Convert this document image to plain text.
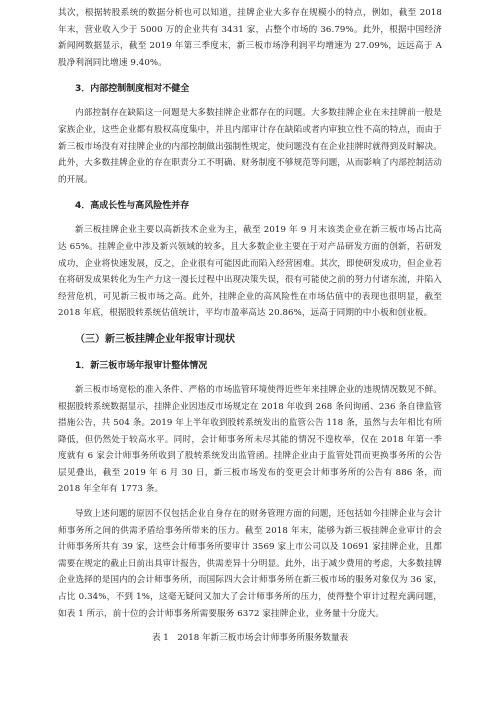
其次，根据转股系统的数据分析也可以知道，挂牌企业大多存在规模小的特点，例如，截至 2018 年末，营业收入少于 5000 万的企业共有 3431 家，占整个市场的 36.79%。此外，根据中国经济新闻网数据显示，截至 2019 年第三季度末，新三板市场净利润平均增速为 27.09%，远远高于 A 股净利润同比增速 9.40%。

3．内部控制制度相对不健全

内部控制存在缺陷这一问题是大多数挂牌企业都存在的问题。大多数挂牌企业在未挂牌前一般是家族企业，这些企业都有股权高度集中，并且内部审计存在缺陷或者内审独立性不高的特点，而由于新三板市场没有对挂牌企业的内部控制做出强制性规定，使问题没有在企业挂牌时就得到及时解决。此外，大多数挂牌企业的存在职责分工不明确、财务制度不够规范等问题，从而影响了内部控制活动的开展。

4．高成长性与高风险性并存

新三板挂牌企业主要以高新技术企业为主，截至 2019 年 9 月末该类企业在新三板市场占比高达 65%。挂牌企业中涉及新兴领域的较多，且大多数企业主要在于对产品研发方面的创新，若研发成功，企业将快速发展，反之，企业很有可能因此而陷入经营困难。其次，即使研发成功，但企业若在将研发成果转化为生产力这一漫长过程中出现决策失误，很有可能使之前的努力付诸东流，并陷入经营危机，可见新三板市场之高。此外，挂牌企业的高风险性在市场估值中的表现也很明显，截至 2018 年底，根据股转系统估值统计，平均市盈率高达 20.86%，远高于同期的中小板和创业板。

（三）新三板挂牌企业年报审计现状
1．新三板市场年报审计整体情况

新三板市场宽松的准入条件、严格的市场监管环境使得近些年来挂牌企业的违规情况数见不鲜。根据股转系统数据显示，挂牌企业因违反市场规定在 2018 年收到 268 条问询函、236 条自律监管措施公告，共 504 条。2019 年上半年收到股转系统发出的监管公告 118 条，虽然与去年相比有所降低，但仍然处于较高水平。同时，会计师事务所未尽其能的情况不遑枚举，仅在 2018 年第一季度就有 6 家会计师事务所收到了股转系统发出监管函。挂牌企业由于监管处罚而更换事务所的公告层见叠出，截至 2019 年 6 月 30 日，新三板市场发布的变更会计师事务所的公告有 886 条，而 2018 年全年有 1773 条。

导致上述问题的原因不仅包括企业自身存在的财务管理方面的问题，还包括如今挂牌企业与会计师事务所之间的供需矛盾给事务所带来的压力。截至 2018 年末，能够为新三板挂牌企业审计的会计师事务所共有 39 家，这些会计师事务所要审计 3569 家上市公司以及 10691 家挂牌企业，且都需要在规定的截止日前出具审计报告，供需差异十分明显。此外，出于减少费用的考虑，大多数挂牌企业选择的是国内的会计师事务所，而国际四大会计师事务所在新三板市场的服务对象仅为 36 家，占比 0.34%，不到 1%，这毫无疑问又加大了会计师事务所的压力，使得整个审计过程充满问题，如表 1 所示，前十位的会计师事务所需要服务 6372 家挂牌企业，业务量十分庞大。

表 1　2018 年新三板市场会计师事务所服务数量表
